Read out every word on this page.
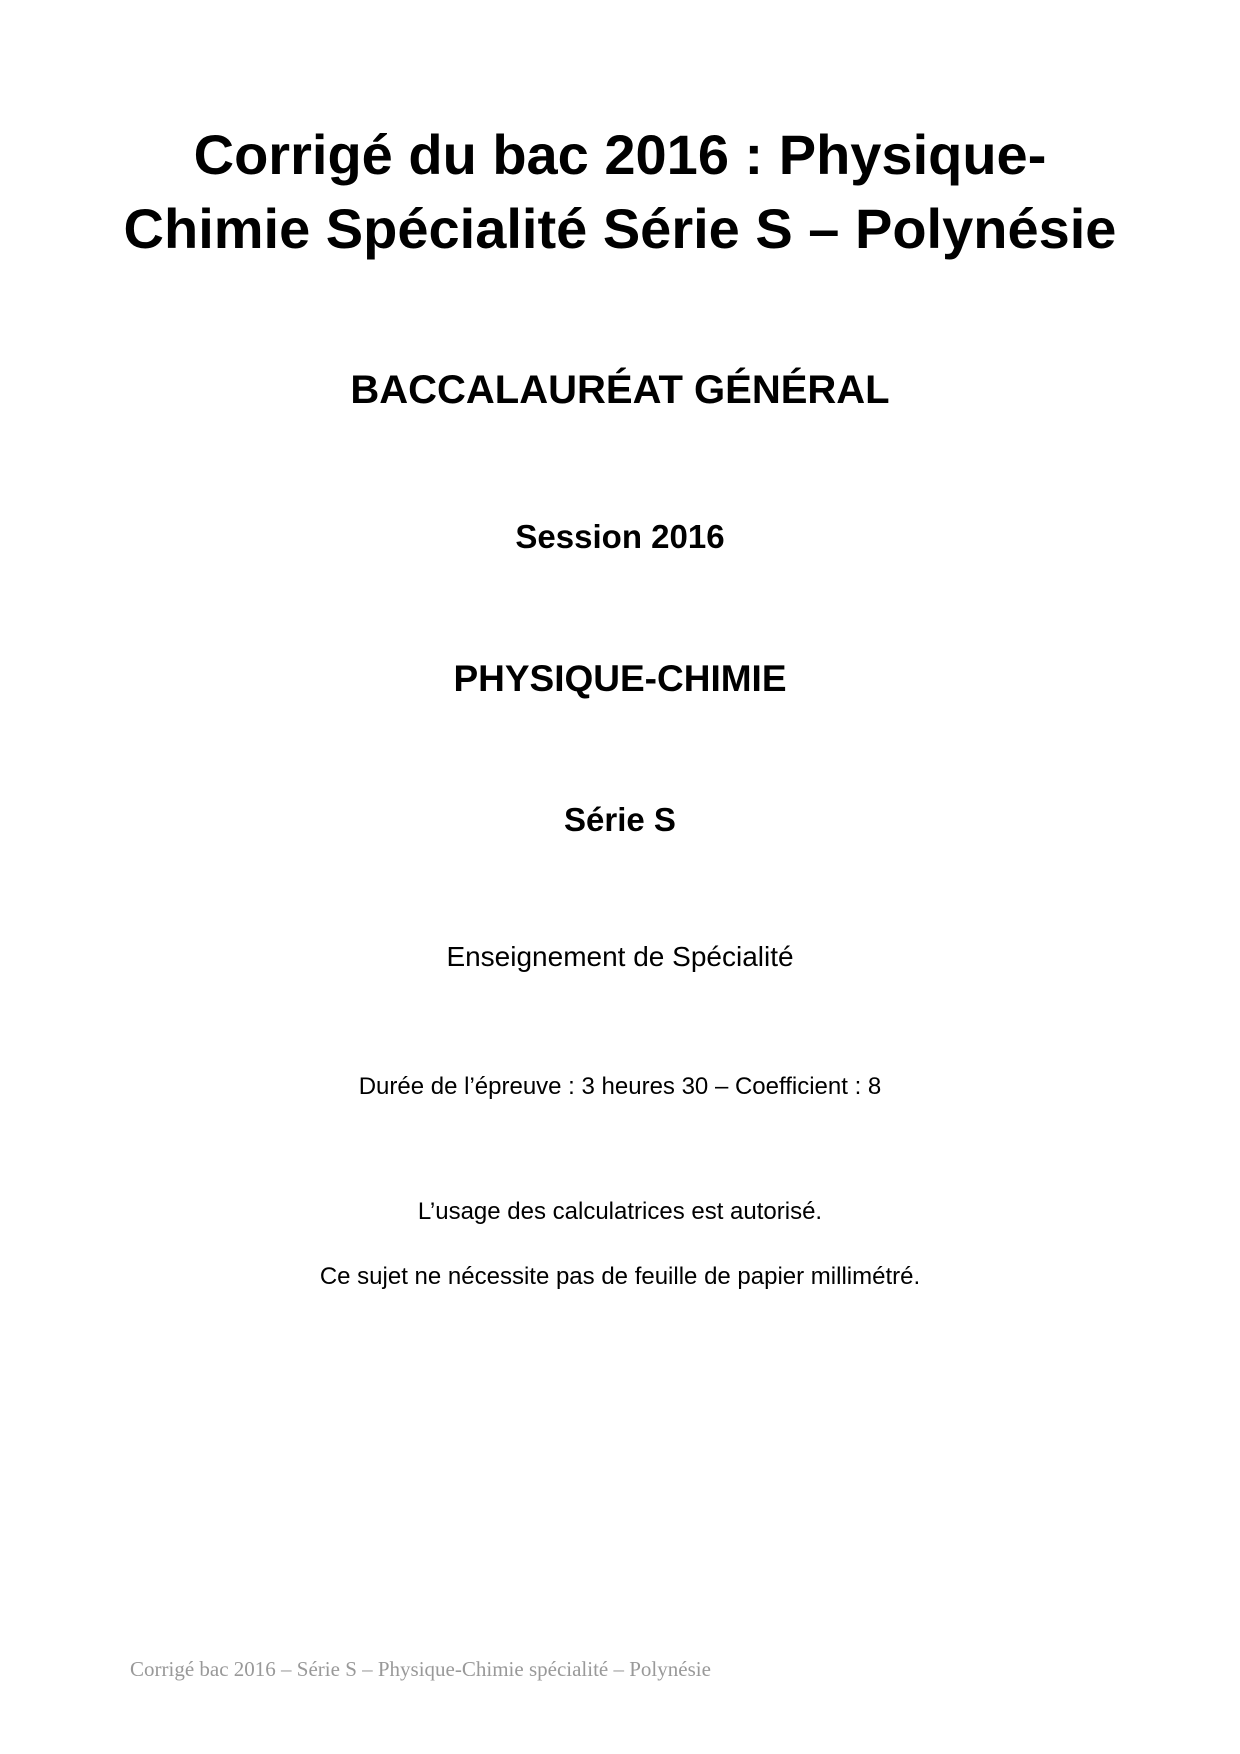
Corrigé du bac 2016 : Physique-
Chimie Spécialité Série S – Polynésie
BACCALAURÉAT GÉNÉRAL
Session 2016
PHYSIQUE-CHIMIE
Série S
Enseignement de Spécialité
Durée de l’épreuve : 3 heures 30 – Coefficient : 8
L’usage des calculatrices est autorisé.
Ce sujet ne nécessite pas de feuille de papier millimétré.
Corrigé bac 2016 – Série S – Physique-Chimie spécialité – Polynésie
